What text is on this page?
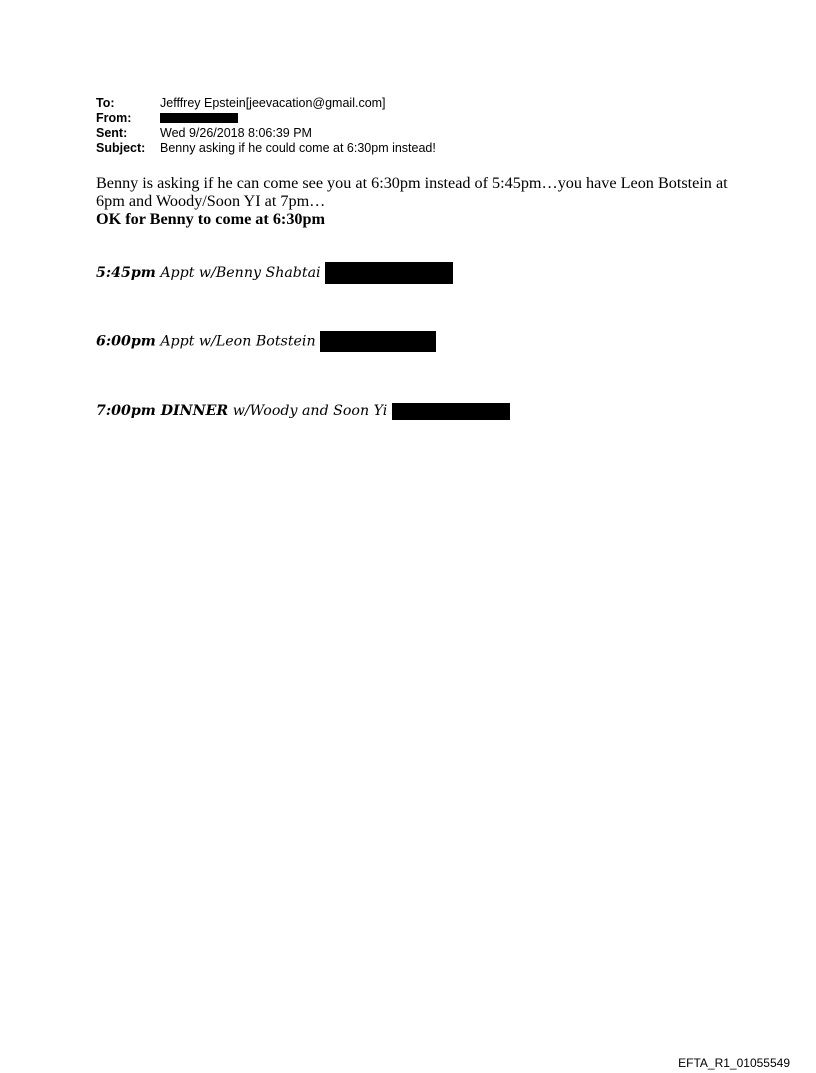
To:	Jefffrey Epstein[jeevacation@gmail.com]
From:
Sent:	Wed 9/26/2018 8:06:39 PM
Subject:	Benny asking if he could come at 6:30pm instead!
Benny is asking if he can come see you at 6:30pm instead of 5:45pm…you have Leon Botstein at 6pm and Woody/Soon YI at 7pm…
OK for Benny to come at 6:30pm
5:45pm Appt w/Benny Shabtai
6:00pm Appt w/Leon Botstein
7:00pm DINNER w/Woody and Soon Yi
EFTA_R1_01055549
